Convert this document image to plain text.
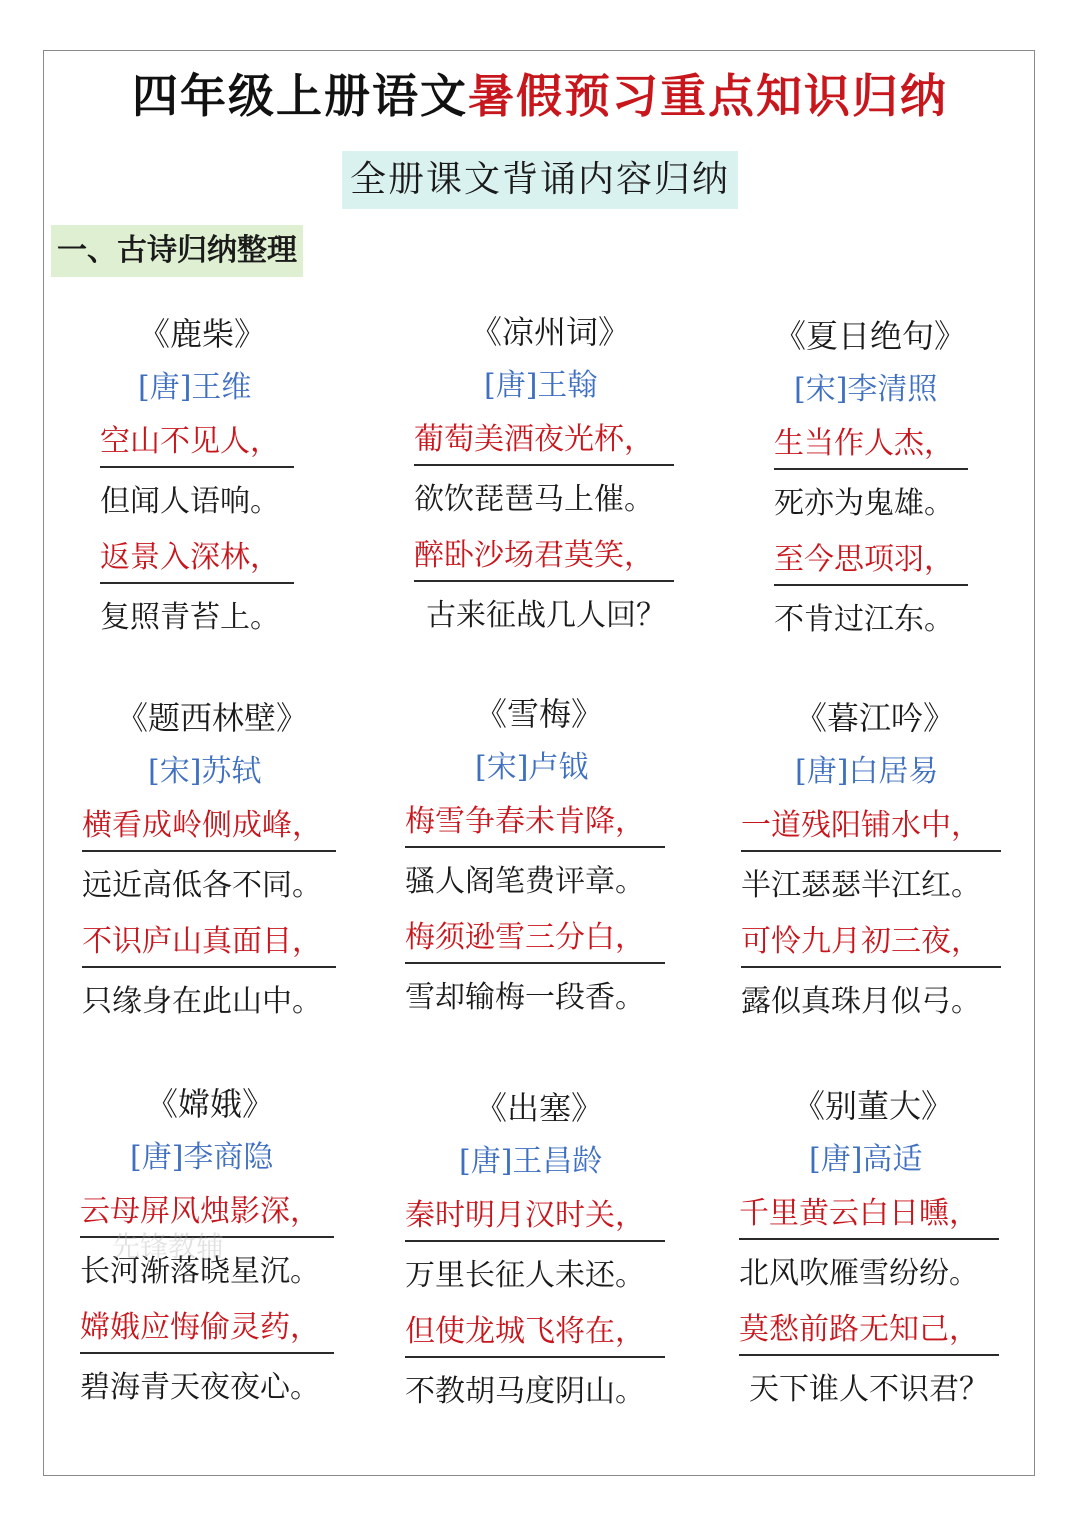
四年级上册语文暑假预习重点知识归纳
全册课文背诵内容归纳
一、古诗归纳整理
《鹿柴》
[唐]王维
空山不见人，
但闻人语响。
返景入深林，
复照青苔上。
《凉州词》
[唐]王翰
葡萄美酒夜光杯，
欲饮琵琶马上催。
醉卧沙场君莫笑，
古来征战几人回？
《夏日绝句》
[宋]李清照
生当作人杰，
死亦为鬼雄。
至今思项羽，
不肯过江东。
《题西林壁》
[宋]苏轼
横看成岭侧成峰，
远近高低各不同。
不识庐山真面目，
只缘身在此山中。
《雪梅》
[宋]卢钺
梅雪争春未肯降，
骚人阁笔费评章。
梅须逊雪三分白，
雪却输梅一段香。
《暮江吟》
[唐]白居易
一道残阳铺水中，
半江瑟瑟半江红。
可怜九月初三夜，
露似真珠月似弓。
《嫦娥》
[唐]李商隐
云母屏风烛影深，
长河渐落晓星沉。
嫦娥应悔偷灵药，
碧海青天夜夜心。
《出塞》
[唐]王昌龄
秦时明月汉时关，
万里长征人未还。
但使龙城飞将在，
不教胡马度阴山。
《别董大》
[唐]高适
千里黄云白日曛，
北风吹雁雪纷纷。
莫愁前路无知己，
天下谁人不识君？
先锋教辅
